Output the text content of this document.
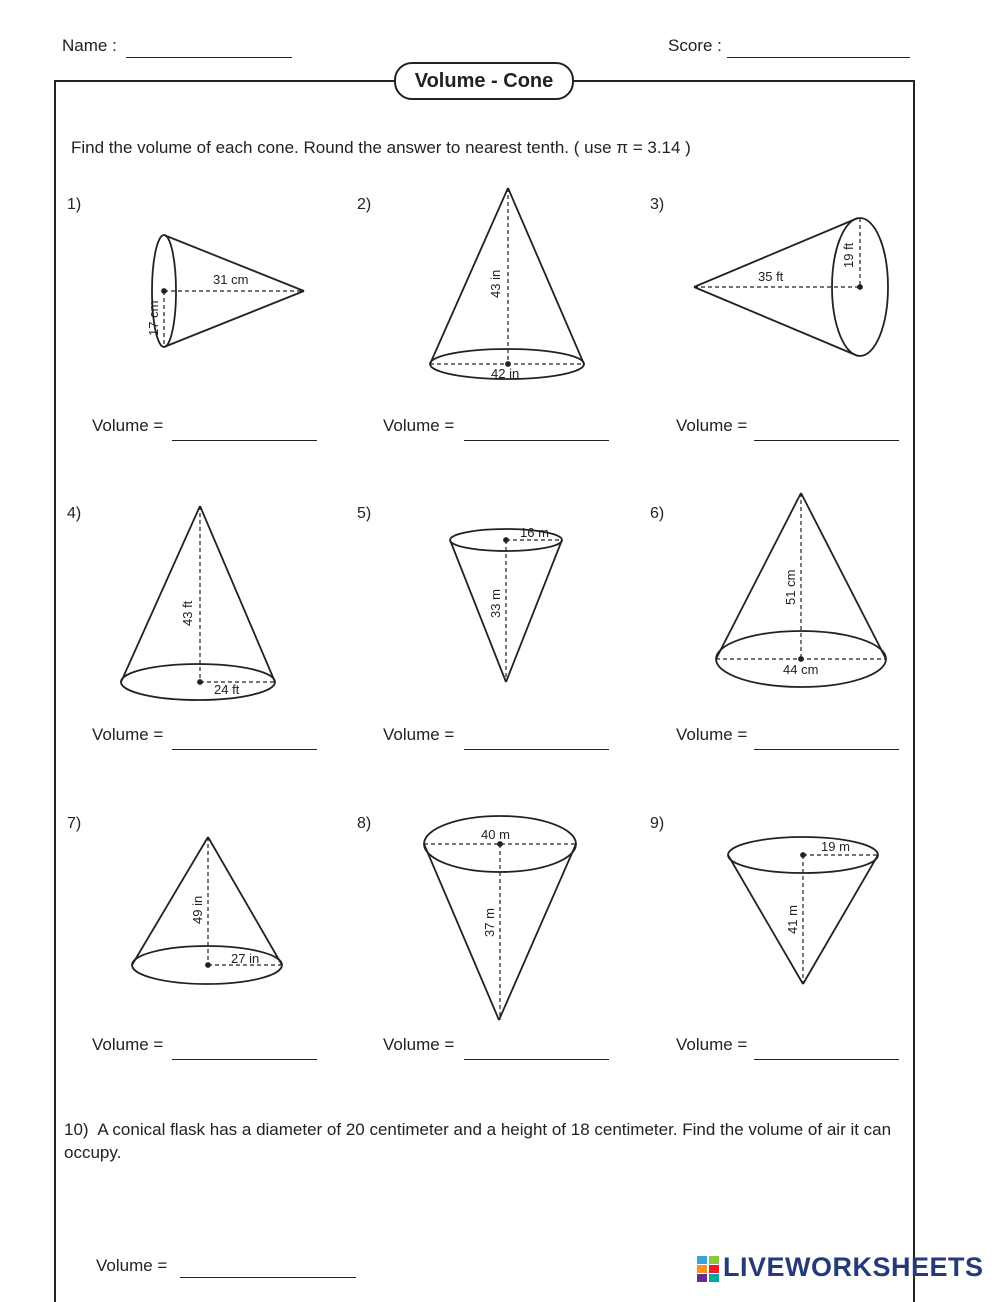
Name :	Score :
Volume - Cone
Find the volume of each cone. Round the answer to nearest tenth. ( use π = 3.14 )
1)	2)	3)
4)	5)	6)
7)	8)	9)
31 cm
17 cm
43 in
42 in
35 ft
19 ft
43 ft
24 ft
16 m
33 m	51 cm
44 cm
49 in
27 in
40 m
37 m
19 m
41 m
Volume =	Volume =	Volume =
Volume =	Volume =	Volume =
Volume =	Volume =	Volume =
10) A conical flask has a diameter of 20 centimeter and a height of 18 centimeter. Find the volume of air it can occupy.
Volume =	LIVEWORKSHEETS
